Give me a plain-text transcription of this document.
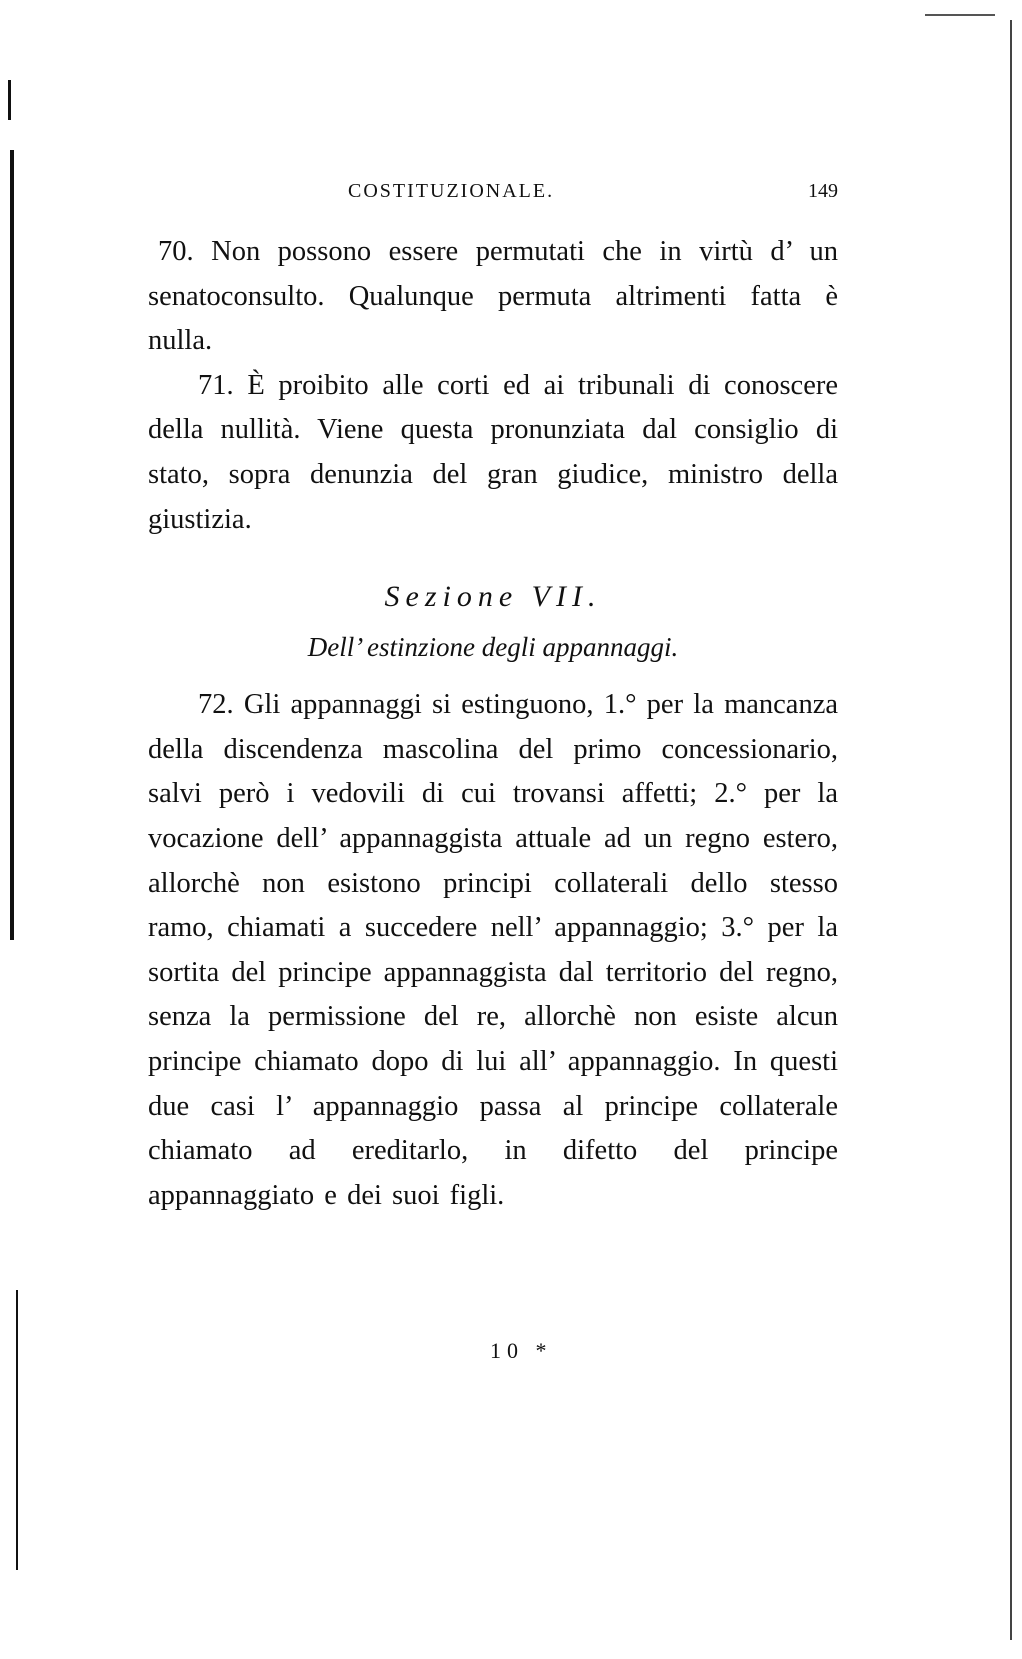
COSTITUZIONALE.	149

70. Non possono essere permutati che in virtù d’ un senatoconsulto. Qualunque permuta altrimenti fatta è nulla.

71. È proibito alle corti ed ai tribunali di conoscere della nullità. Viene questa pronunziata dal consiglio di stato, sopra denunzia del gran giudice, ministro della giustizia.

Sezione VII.

Dell’ estinzione degli appannaggi.

72. Gli appannaggi si estinguono, 1.° per la mancanza della discendenza mascolina del primo concessionario, salvi però i vedovili di cui trovansi affetti; 2.° per la vocazione dell’ appannaggista attuale ad un regno estero, allorchè non esistono principi collaterali dello stesso ramo, chiamati a succedere nell’ appannaggio; 3.° per la sortita del principe appannaggista dal territorio del regno, senza la permissione del re, allorchè non esiste alcun principe chiamato dopo di lui all’ appannaggio. In questi due casi l’ appannaggio passa al principe collaterale chiamato ad ereditarlo, in difetto del principe appannaggiato e dei suoi figli.

10 *
